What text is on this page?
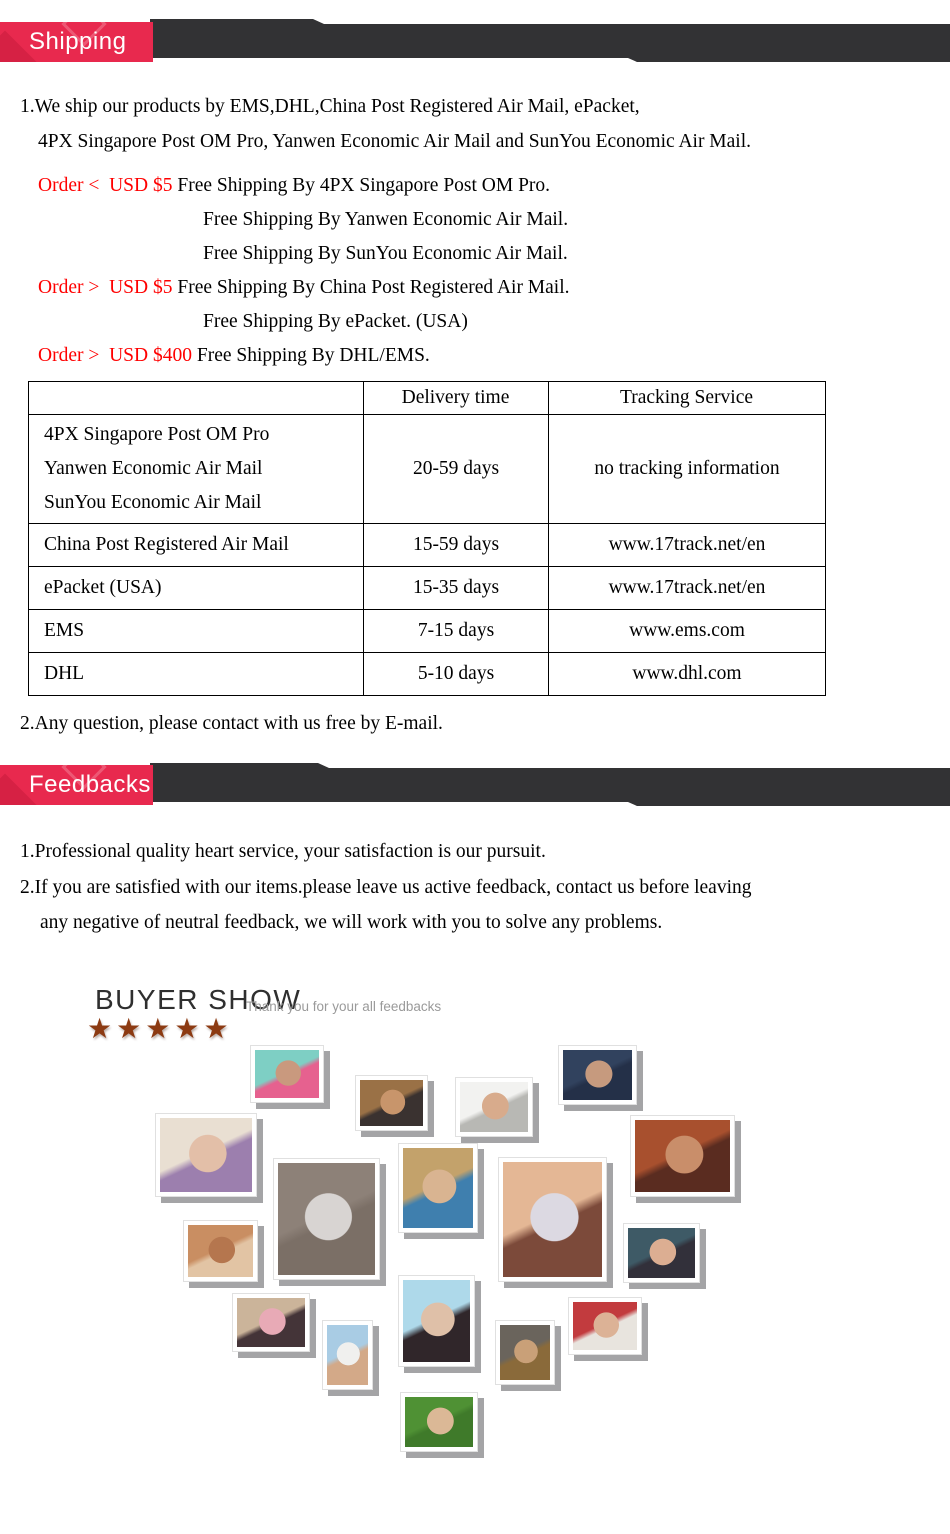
Shipping
1.We ship our products by EMS,DHL,China Post Registered Air Mail, ePacket,
4PX Singapore Post OM Pro, Yanwen Economic Air Mail and SunYou Economic Air Mail.
Order <  USD $5 Free Shipping By 4PX Singapore Post OM Pro.
Free Shipping By Yanwen Economic Air Mail.
Free Shipping By SunYou Economic Air Mail.
Order >  USD $5 Free Shipping By China Post Registered Air Mail.
Free Shipping By ePacket. (USA)
Order >  USD $400 Free Shipping By DHL/EMS.
	Delivery time	Tracking Service

4PX Singapore Post OM Pro
Yanwen Economic Air Mail
SunYou Economic Air Mail	20-59 days	no tracking information

China Post Registered Air Mail	15-59 days	www.17track.net/en

ePacket (USA)	15-35 days	www.17track.net/en

EMS	7-15 days	www.ems.com

DHL	5-10 days	www.dhl.com
2.Any question, please contact with us free by E-mail.
Feedbacks
1.Professional quality heart service, your satisfaction is our pursuit.
2.If you are satisfied with our items.please leave us active feedback, contact us before leaving
any negative of neutral feedback, we will work with you to solve any problems.
BUYER SHOW
Thank you for your all feedbacks
★★★★★
